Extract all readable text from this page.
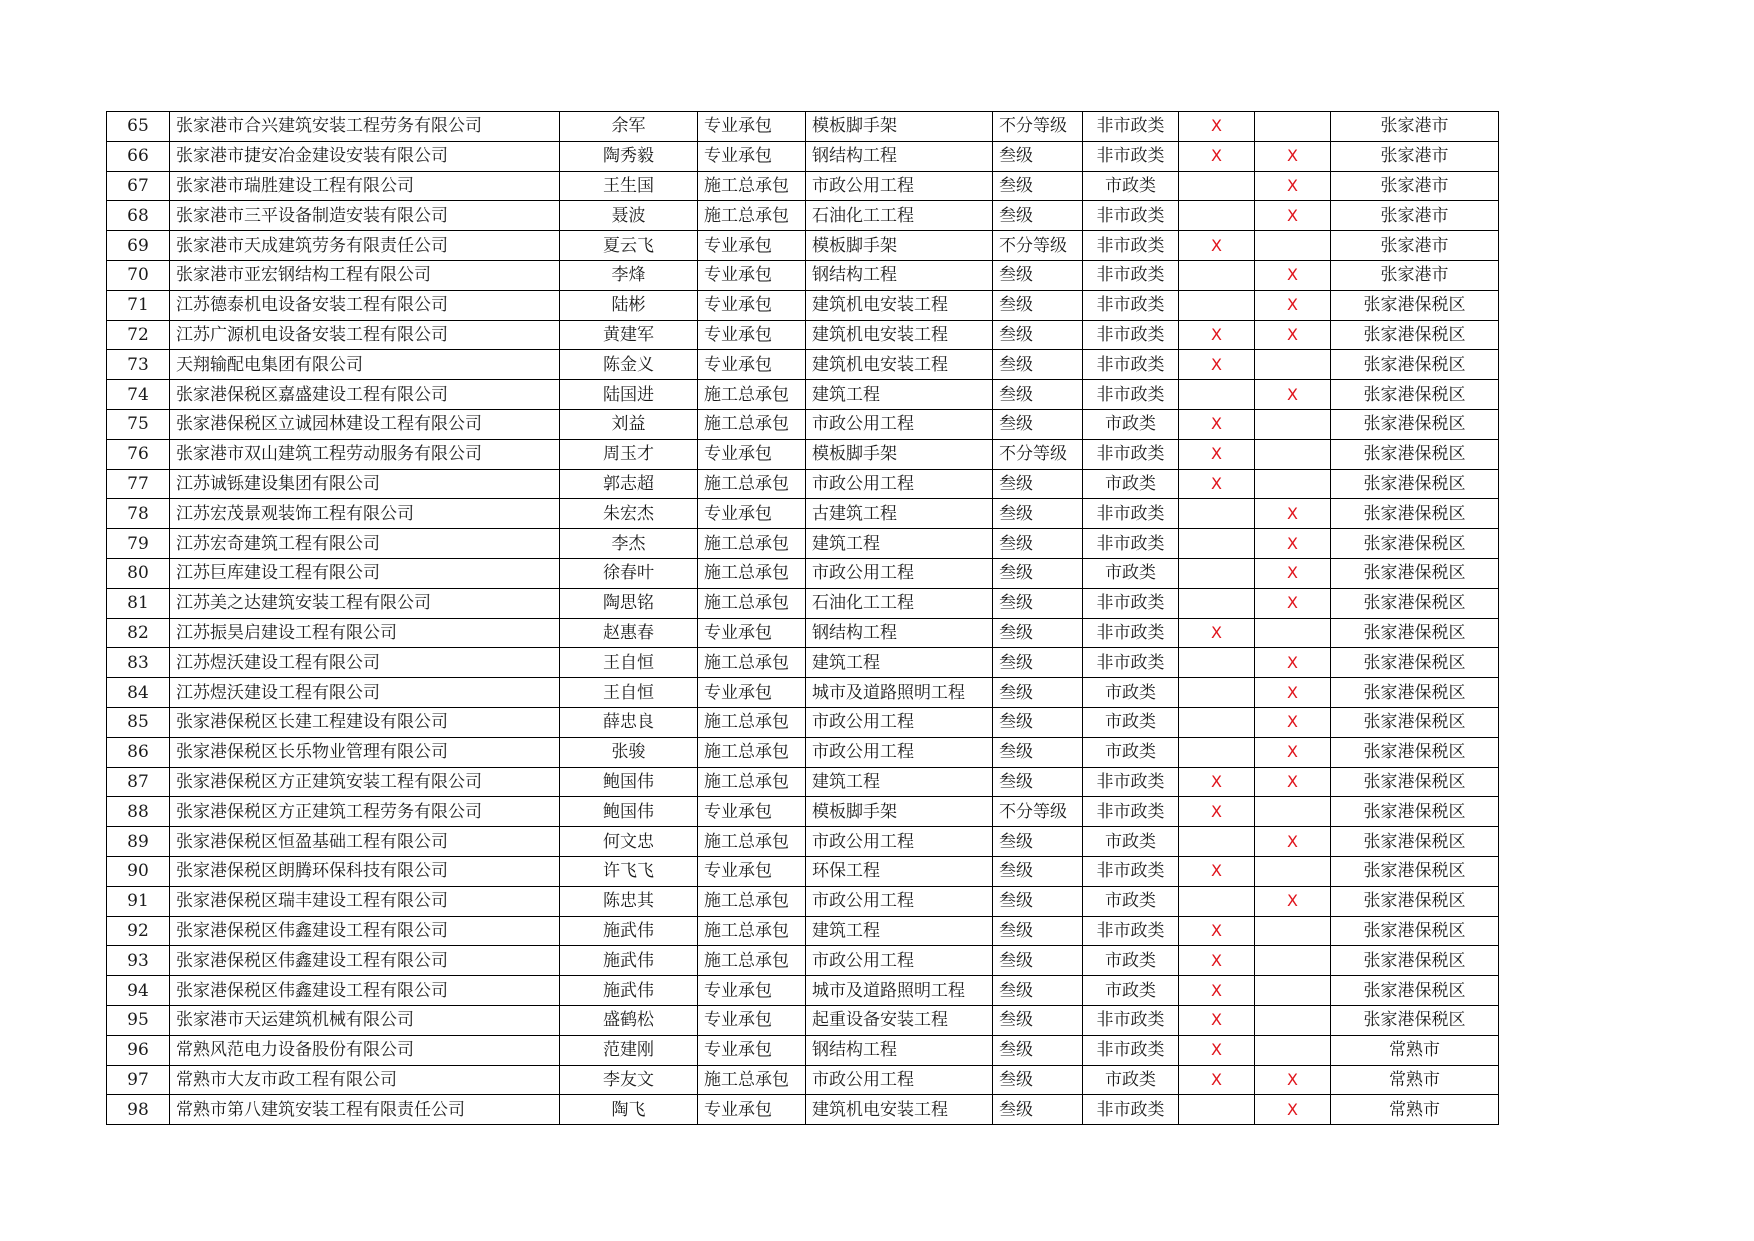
65	张家港市合兴建筑安装工程劳务有限公司	余军	专业承包	模板脚手架	不分等级	非市政类	X		张家港市
66	张家港市捷安冶金建设安装有限公司	陶秀毅	专业承包	钢结构工程	叁级	非市政类	X	X	张家港市
67	张家港市瑞胜建设工程有限公司	王生国	施工总承包	市政公用工程	叁级	市政类		X	张家港市
68	张家港市三平设备制造安装有限公司	聂波	施工总承包	石油化工工程	叁级	非市政类		X	张家港市
69	张家港市天成建筑劳务有限责任公司	夏云飞	专业承包	模板脚手架	不分等级	非市政类	X		张家港市
70	张家港市亚宏钢结构工程有限公司	李烽	专业承包	钢结构工程	叁级	非市政类		X	张家港市
71	江苏德泰机电设备安装工程有限公司	陆彬	专业承包	建筑机电安装工程	叁级	非市政类		X	张家港保税区
72	江苏广源机电设备安装工程有限公司	黄建军	专业承包	建筑机电安装工程	叁级	非市政类	X	X	张家港保税区
73	天翔输配电集团有限公司	陈金义	专业承包	建筑机电安装工程	叁级	非市政类	X		张家港保税区
74	张家港保税区嘉盛建设工程有限公司	陆国进	施工总承包	建筑工程	叁级	非市政类		X	张家港保税区
75	张家港保税区立诚园林建设工程有限公司	刘益	施工总承包	市政公用工程	叁级	市政类	X		张家港保税区
76	张家港市双山建筑工程劳动服务有限公司	周玉才	专业承包	模板脚手架	不分等级	非市政类	X		张家港保税区
77	江苏诚铄建设集团有限公司	郭志超	施工总承包	市政公用工程	叁级	市政类	X		张家港保税区
78	江苏宏茂景观装饰工程有限公司	朱宏杰	专业承包	古建筑工程	叁级	非市政类		X	张家港保税区
79	江苏宏奇建筑工程有限公司	李杰	施工总承包	建筑工程	叁级	非市政类		X	张家港保税区
80	江苏巨库建设工程有限公司	徐春叶	施工总承包	市政公用工程	叁级	市政类		X	张家港保税区
81	江苏美之达建筑安装工程有限公司	陶思铭	施工总承包	石油化工工程	叁级	非市政类		X	张家港保税区
82	江苏振昊启建设工程有限公司	赵惠春	专业承包	钢结构工程	叁级	非市政类	X		张家港保税区
83	江苏煜沃建设工程有限公司	王自恒	施工总承包	建筑工程	叁级	非市政类		X	张家港保税区
84	江苏煜沃建设工程有限公司	王自恒	专业承包	城市及道路照明工程	叁级	市政类		X	张家港保税区
85	张家港保税区长建工程建设有限公司	薛忠良	施工总承包	市政公用工程	叁级	市政类		X	张家港保税区
86	张家港保税区长乐物业管理有限公司	张骏	施工总承包	市政公用工程	叁级	市政类		X	张家港保税区
87	张家港保税区方正建筑安装工程有限公司	鲍国伟	施工总承包	建筑工程	叁级	非市政类	X	X	张家港保税区
88	张家港保税区方正建筑工程劳务有限公司	鲍国伟	专业承包	模板脚手架	不分等级	非市政类	X		张家港保税区
89	张家港保税区恒盈基础工程有限公司	何文忠	施工总承包	市政公用工程	叁级	市政类		X	张家港保税区
90	张家港保税区朗腾环保科技有限公司	许飞飞	专业承包	环保工程	叁级	非市政类	X		张家港保税区
91	张家港保税区瑞丰建设工程有限公司	陈忠其	施工总承包	市政公用工程	叁级	市政类		X	张家港保税区
92	张家港保税区伟鑫建设工程有限公司	施武伟	施工总承包	建筑工程	叁级	非市政类	X		张家港保税区
93	张家港保税区伟鑫建设工程有限公司	施武伟	施工总承包	市政公用工程	叁级	市政类	X		张家港保税区
94	张家港保税区伟鑫建设工程有限公司	施武伟	专业承包	城市及道路照明工程	叁级	市政类	X		张家港保税区
95	张家港市天运建筑机械有限公司	盛鹤松	专业承包	起重设备安装工程	叁级	非市政类	X		张家港保税区
96	常熟风范电力设备股份有限公司	范建刚	专业承包	钢结构工程	叁级	非市政类	X		常熟市
97	常熟市大友市政工程有限公司	李友文	施工总承包	市政公用工程	叁级	市政类	X	X	常熟市
98	常熟市第八建筑安装工程有限责任公司	陶飞	专业承包	建筑机电安装工程	叁级	非市政类		X	常熟市
